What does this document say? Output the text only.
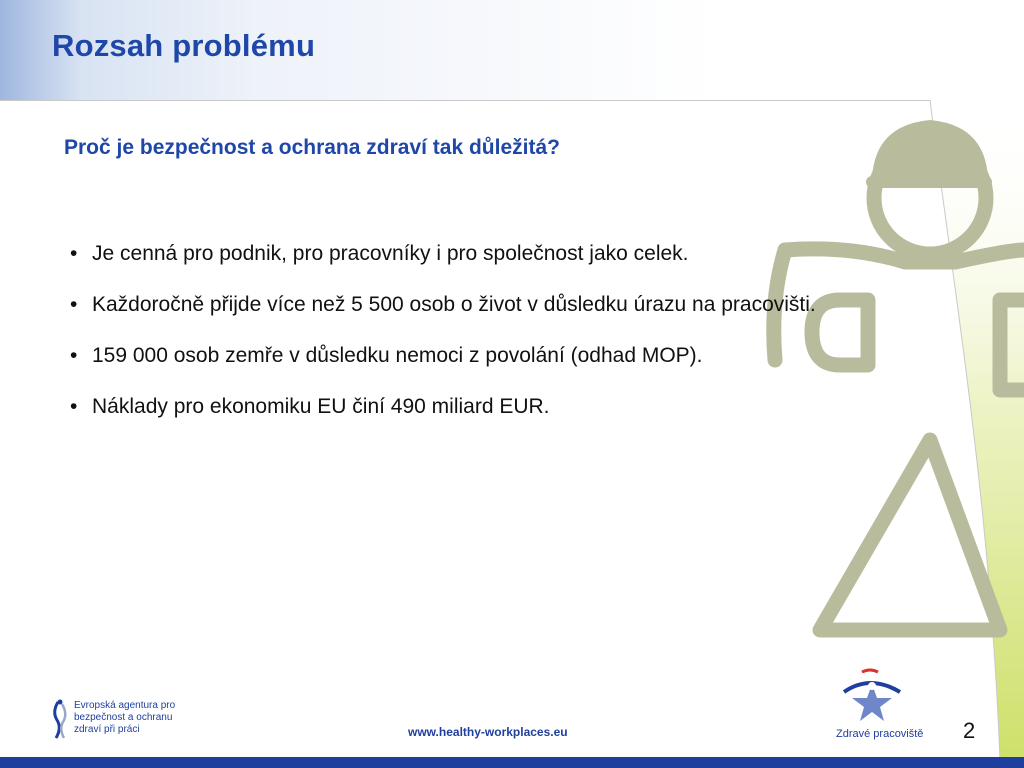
Rozsah problému
Proč je bezpečnost a ochrana zdraví tak důležitá?
• Je cenná pro podnik, pro pracovníky i pro společnost jako celek.
• Každoročně přijde více než 5 500 osob o život v důsledku úrazu na pracovišti.
• 159 000 osob zemře v důsledku nemoci z povolání (odhad MOP).
• Náklady pro ekonomiku EU činí 490 miliard EUR.
Evropská agentura pro
bezpečnost a ochranu
zdraví při práci	www.healthy-workplaces.eu	Zdravé pracoviště 2
